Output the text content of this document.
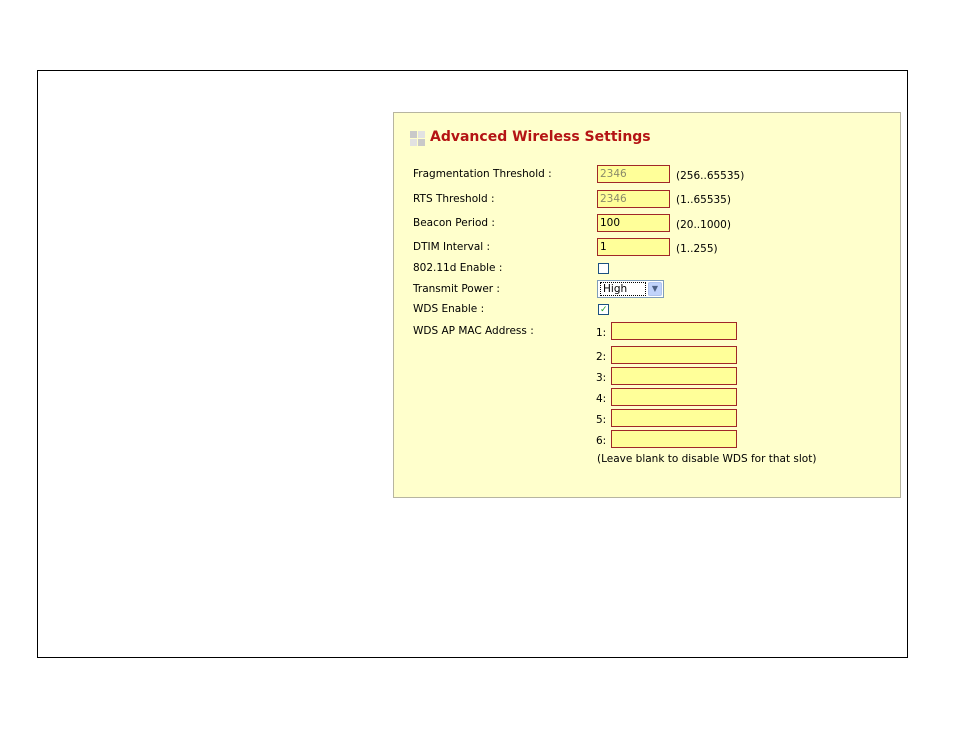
Advanced Wireless Settings
Fragmentation Threshold :
2346	(256..65535)
RTS Threshold :
2346	(1..65535)
Beacon Period :
100	(20..1000)
DTIM Interval :
1	(1..255)
802.11d Enable :
Transmit Power :	High	▼
WDS Enable :	✓
WDS AP MAC Address :	1:
2:
3:
4:
5:
6:
(Leave blank to disable WDS for that slot)
